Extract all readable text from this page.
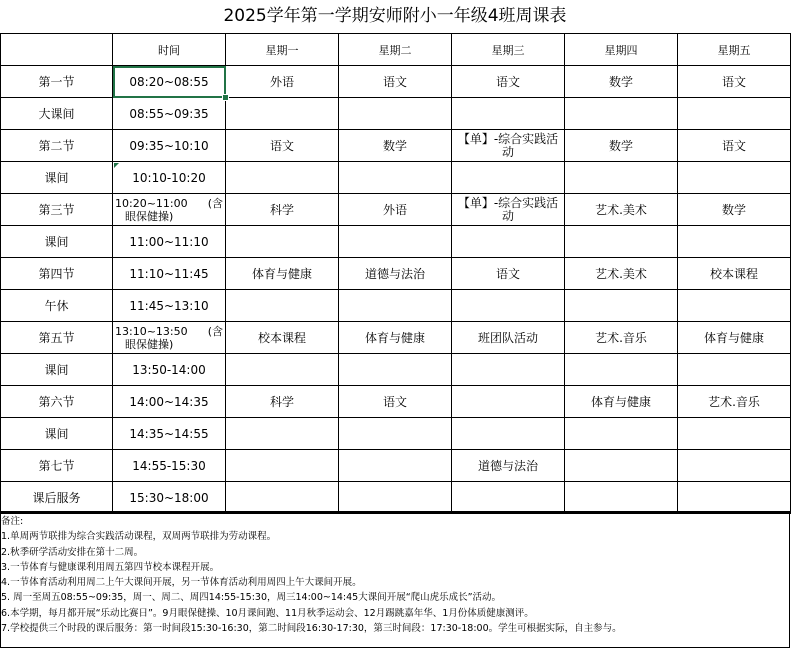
2025学年第一学期安师附小一年级4班周课表
	时间	星期一	星期二	星期三	星期四	星期五
第一节	08:20~08:55	外语	语文	语文	数学	语文
大课间	08:55~09:35					
第二节	09:35~10:10	语文	数学	【单】-综合实践活动	数学	语文
课间	10:10-10:20					
第三节	10:20~11:00 (含
眼保健操)	科学	外语	【单】-综合实践活动	艺术.美术	数学
课间	11:00~11:10					
第四节	11:10~11:45	体育与健康	道德与法治	语文	艺术.美术	校本课程
午休	11:45~13:10					
第五节	13:10~13:50 (含
眼保健操)	校本课程	体育与健康	班团队活动	艺术.音乐	体育与健康
课间	13:50-14:00					
第六节	14:00~14:35	科学	语文		体育与健康	艺术.音乐
课间	14:35~14:55					
第七节	14:55-15:30			道德与法治		
课后服务	15:30~18:00					
备注:
1.单周两节联排为综合实践活动课程，双周两节联排为劳动课程。
2.秋季研学活动安排在第十二周。
3.一节体育与健康课利用周五第四节校本课程开展。
4.一节体育活动利用周二上午大课间开展，另一节体育活动利用周四上午大课间开展。
5. 周一至周五08:55~09:35，周一、周二、周四14:55-15:30，周三14:00~14:45大课间开展“爬山虎乐成长”活动。
6.本学期，每月都开展“乐动比赛日”。9月眼保健操、10月课间跑、11月秋季运动会、12月踢跳嘉年华、1月份体质健康测评。
7.学校提供三个时段的课后服务：第一时间段15:30-16:30，第二时间段16:30-17:30，第三时间段：17:30-18:00。学生可根据实际，自主参与。
